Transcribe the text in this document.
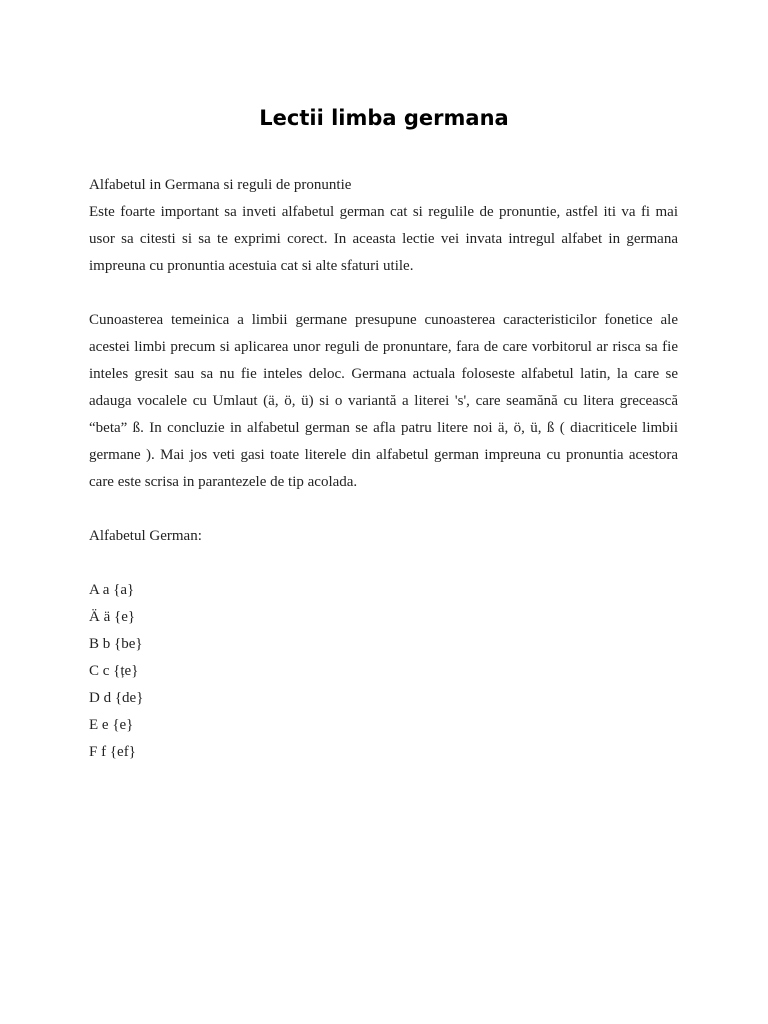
Lectii limba germana

Alfabetul in Germana si reguli de pronuntie

Este foarte important sa inveti alfabetul german cat si regulile de pronuntie, astfel iti va fi mai usor sa citesti si sa te exprimi corect. In aceasta lectie vei invata intregul alfabet in germana impreuna cu pronuntia acestuia cat si alte sfaturi utile.

Cunoasterea temeinica a limbii germane presupune cunoasterea caracteristicilor fonetice ale acestei limbi precum si aplicarea unor reguli de pronuntare, fara de care vorbitorul ar risca sa fie inteles gresit sau sa nu fie inteles deloc. Germana actuala foloseste alfabetul latin, la care se adauga vocalele cu Umlaut (ä, ö, ü) si o variantă a literei 's', care seamănă cu litera grecească “beta” ß. In concluzie in alfabetul german se afla patru litere noi ä, ö, ü, ß ( diacriticele limbii germane ). Mai jos veti gasi toate literele din alfabetul german impreuna cu pronuntia acestora care este scrisa in parantezele de tip acolada.

Alfabetul German:

A a {a}

Ä ä {e}

B b {be}

C c {țe}

D d {de}

E e {e}

F f {ef}
